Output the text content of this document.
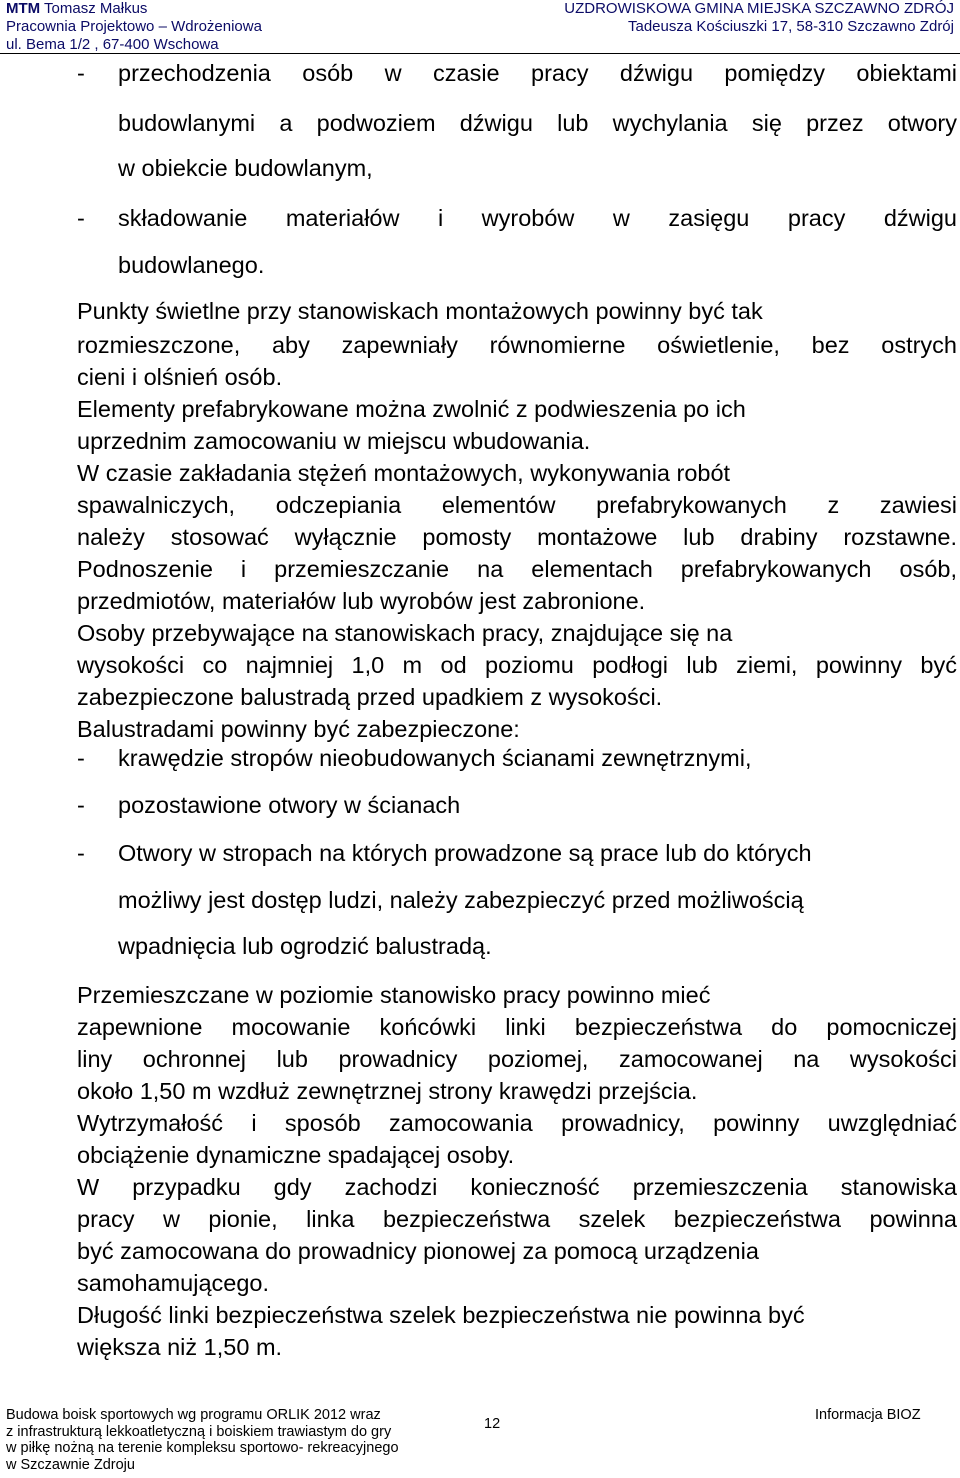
MTM Tomasz Małkus
Pracownia Projektowo – Wdrożeniowa
ul. Bema 1/2 , 67-400 Wschowa
UZDROWISKOWA GMINA MIEJSKA SZCZAWNO ZDRÓJ
Tadeusza Kościuszki 17, 58-310 Szczawno Zdrój
- przechodzenia osób w czasie pracy dźwigu pomiędzy obiektami
budowlanymi a podwoziem dźwigu lub wychylania się przez otwory
w obiekcie budowlanym,
- składowanie materiałów i wyrobów w zasięgu pracy dźwigu
budowlanego.
Punkty świetlne przy stanowiskach montażowych powinny być tak
rozmieszczone, aby zapewniały równomierne oświetlenie, bez ostrych
cieni i olśnień osób.
Elementy prefabrykowane można zwolnić z podwieszenia po ich
uprzednim zamocowaniu w miejscu wbudowania.
W czasie zakładania stężeń montażowych, wykonywania robót
spawalniczych, odczepiania elementów prefabrykowanych z zawiesi
należy stosować wyłącznie pomosty montażowe lub drabiny rozstawne.
Podnoszenie i przemieszczanie na elementach prefabrykowanych osób,
przedmiotów, materiałów lub wyrobów jest zabronione.
Osoby przebywające na stanowiskach pracy, znajdujące się na
wysokości co najmniej 1,0 m od poziomu podłogi lub ziemi, powinny być
zabezpieczone balustradą przed upadkiem z wysokości.
Balustradami powinny być zabezpieczone:
- krawędzie stropów nieobudowanych ścianami zewnętrznymi,
- pozostawione otwory w ścianach
- Otwory w stropach na których prowadzone są prace lub do których
możliwy jest dostęp ludzi, należy zabezpieczyć przed możliwością
wpadnięcia lub ogrodzić balustradą.
Przemieszczane w poziomie stanowisko pracy powinno mieć
zapewnione mocowanie końcówki linki bezpieczeństwa do pomocniczej
liny ochronnej lub prowadnicy poziomej, zamocowanej na wysokości
około 1,50 m wzdłuż zewnętrznej strony krawędzi przejścia.
Wytrzymałość i sposób zamocowania prowadnicy, powinny uwzględniać
obciążenie dynamiczne spadającej osoby.
W przypadku gdy zachodzi konieczność przemieszczenia stanowiska
pracy w pionie, linka bezpieczeństwa szelek bezpieczeństwa powinna
być zamocowana do prowadnicy pionowej za pomocą urządzenia
samohamującego.
Długość linki bezpieczeństwa szelek bezpieczeństwa nie powinna być
większa niż 1,50 m.
Budowa boisk sportowych wg programu ORLIK 2012 wraz
z infrastrukturą lekkoatletyczną i boiskiem trawiastym do gry
w piłkę nożną na terenie kompleksu sportowo- rekreacyjnego
w Szczawnie Zdroju
12
Informacja BIOZ
